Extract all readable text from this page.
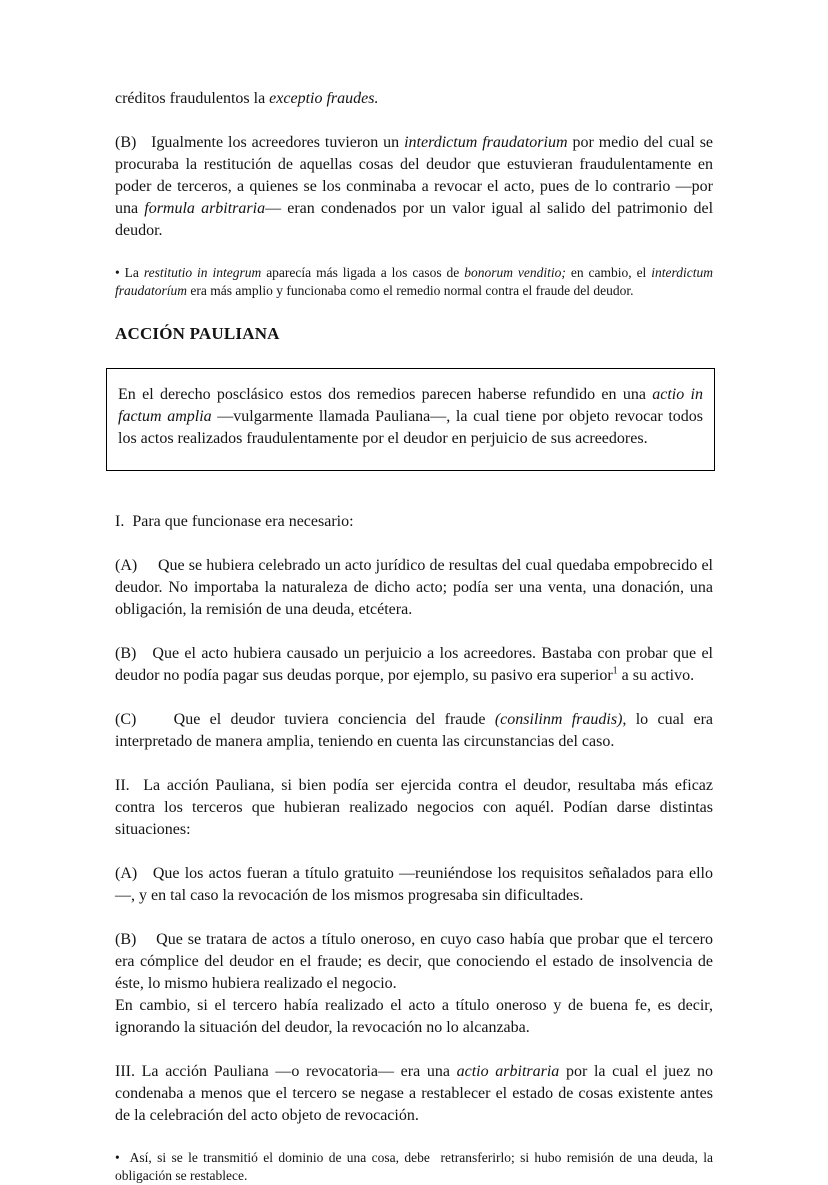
créditos fraudulentos la exceptio fraudes.

(B)   Igualmente los acreedores tuvieron un interdictum fraudatorium por medio del cual se procuraba la restitución de aquellas cosas del deudor que estuvieran fraudulentamente en poder de terceros, a quienes se los conminaba a revocar el acto, pues de lo contrario —por una formula arbitraria— eran condenados por un valor igual al salido del patrimonio del deudor.

• La restitutio in integrum aparecía más ligada a los casos de bonorum venditio; en cambio, el interdictum fraudatoríum era más amplio y funcionaba como el remedio normal contra el fraude del deudor.

ACCIÓN PAULIANA

En el derecho posclásico estos dos remedios parecen haberse refundido en una actio in factum amplia —vulgarmente llamada Pauliana—, la cual tiene por objeto revocar todos los actos realizados fraudulentamente por el deudor en perjuicio de sus acreedores.

I.  Para que funcionase era necesario:

(A)     Que se hubiera celebrado un acto jurídico de resultas del cual quedaba empobrecido el deudor. No importaba la naturaleza de dicho acto; podía ser una venta, una donación, una obligación, la remisión de una deuda, etcétera.

(B)   Que el acto hubiera causado un perjuicio a los acreedores. Bastaba con probar que el deudor no podía pagar sus deudas porque, por ejemplo, su pasivo era superior$^1$ a su activo.

(C)    Que el deudor tuviera conciencia del fraude (consilinm fraudis), lo cual era interpretado de manera amplia, teniendo en cuenta las circunstancias del caso.

II.  La acción Pauliana, si bien podía ser ejercida contra el deudor, resultaba más eficaz contra los terceros que hubieran realizado negocios con aquél. Podían darse distintas situaciones:

(A)   Que los actos fueran a título gratuito —reuniéndose los requisitos señalados para ello—, y en tal caso la revocación de los mismos progresaba sin dificultades.

(B)    Que se tratara de actos a título oneroso, en cuyo caso había que probar que el tercero era cómplice del deudor en el fraude; es decir, que conociendo el estado de insolvencia de éste, lo mismo hubiera realizado el negocio.
En cambio, si el tercero había realizado el acto a título oneroso y de buena fe, es decir, ignorando la situación del deudor, la revocación no lo alcanzaba.

III. La acción Pauliana —o revocatoria— era una actio arbitraria por la cual el juez no condenaba a menos que el tercero se negase a restablecer el estado de cosas existente antes de la celebración del acto objeto de revocación.

•  Así, si se le transmitió el dominio de una cosa, debe  retransferirlo; si hubo remisión de una deuda, la obligación se restablece.
